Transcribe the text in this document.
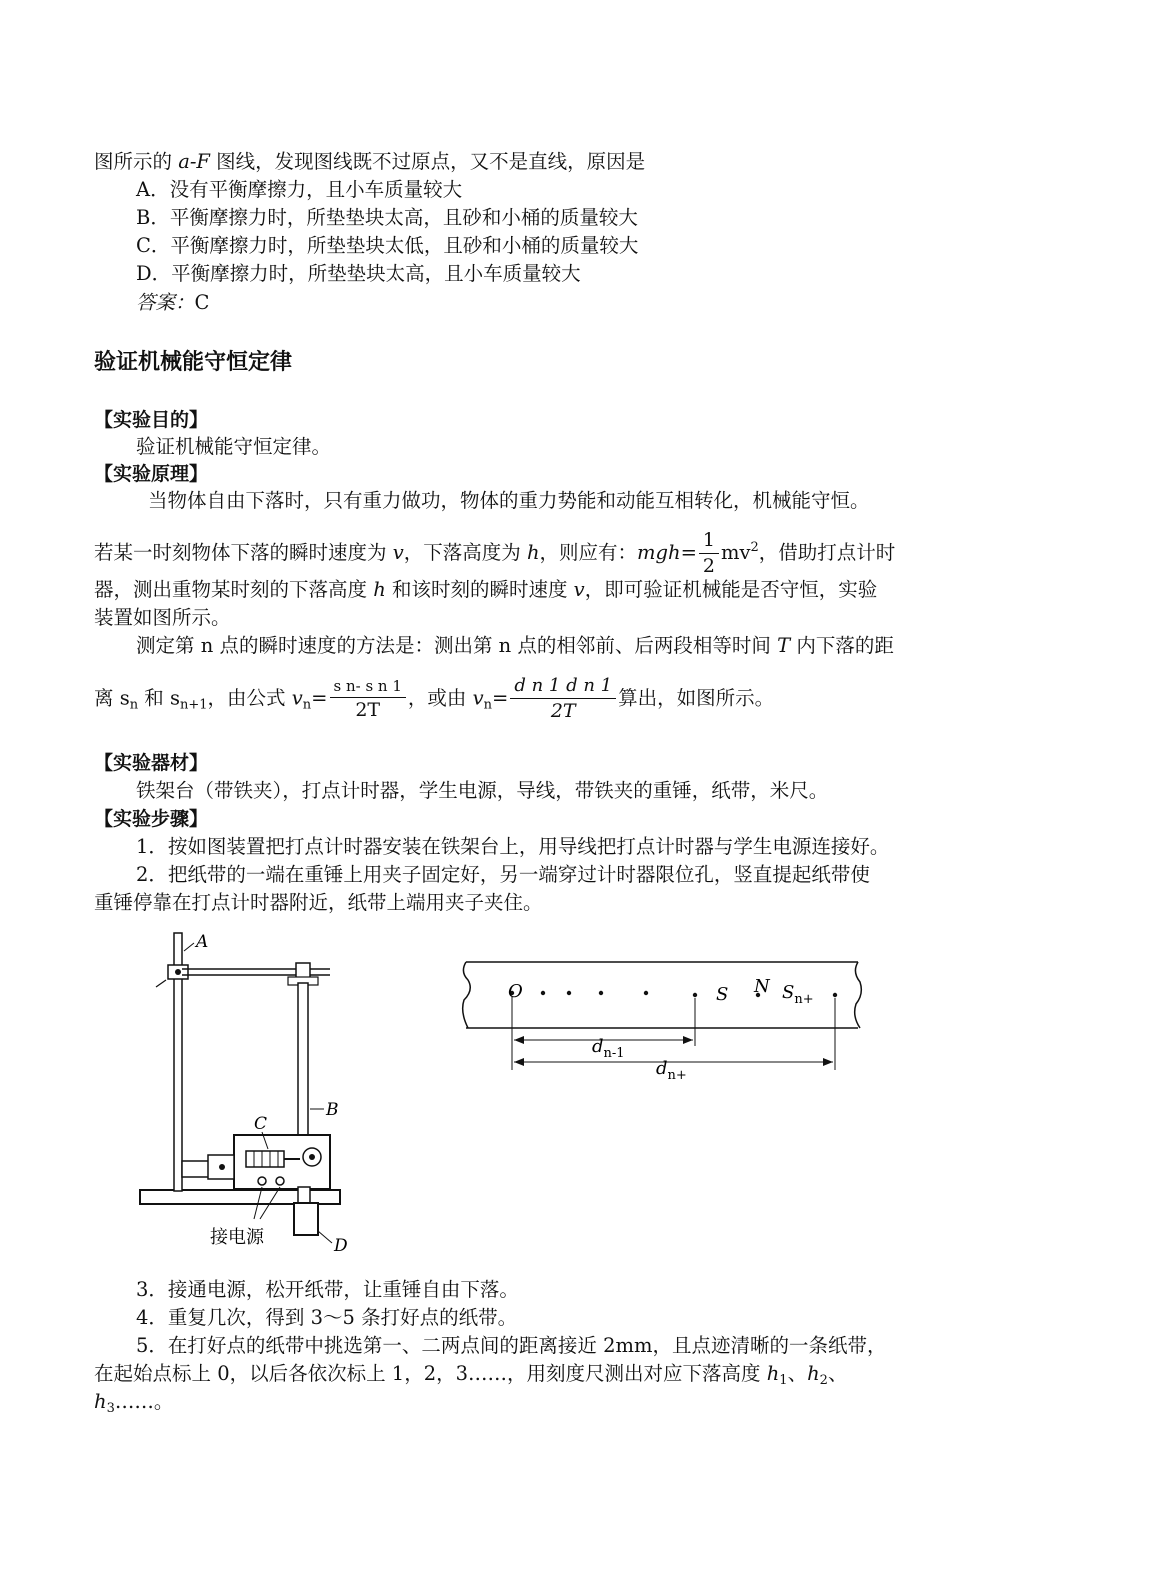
图所示的 a-F 图线，发现图线既不过原点，又不是直线，原因是
A．没有平衡摩擦力，且小车质量较大
B．平衡摩擦力时，所垫垫块太高，且砂和小桶的质量较大
C．平衡摩擦力时，所垫垫块太低，且砂和小桶的质量较大
D．平衡摩擦力时，所垫垫块太高，且小车质量较大
答案：C
验证机械能守恒定律
【实验目的】
验证机械能守恒定律。
【实验原理】
当物体自由下落时，只有重力做功，物体的重力势能和动能互相转化，机械能守恒。
若某一时刻物体下落的瞬时速度为 v，下落高度为 h，则应有：$mgh= \frac{1}{2} mv^2$，借助打点计时
器，测出重物某时刻的下落高度 h 和该时刻的瞬时速度 v，即可验证机械能是否守恒，实验
装置如图所示。
测定第 n 点的瞬时速度的方法是：测出第 n 点的相邻前、后两段相等时间 T 内下落的距
离 $s_n$ 和 $s_{n+1}$，由公式 $v_n= \frac{\text{s n- s n 1}}{2T}$ ，或由 $v_n= \frac{\text{d n 1 d n 1}}{2T}$ 算出，如图所示。
【实验器材】
铁架台（带铁夹），打点计时器，学生电源，导线，带铁夹的重锤，纸带，米尺。
【实验步骤】
1．按如图装置把打点计时器安装在铁架台上，用导线把打点计时器与学生电源连接好。
2．把纸带的一端在重锤上用夹子固定好，另一端穿过计时器限位孔，竖直提起纸带使
重锤停靠在打点计时器附近，纸带上端用夹子夹住。
A
B
C
接电源	D
O	S N $S_{n+}$
$d_{n-1}$
$d_{n+}$
3．接通电源，松开纸带，让重锤自由下落。
4．重复几次，得到 3～5 条打好点的纸带。
5．在打好点的纸带中挑选第一、二两点间的距离接近 2mm，且点迹清晰的一条纸带，
在起始点标上 0，以后各依次标上 1，2，3……，用刻度尺测出对应下落高度 $h_1$、$h_2$、
$h_3\dots\dots$。
